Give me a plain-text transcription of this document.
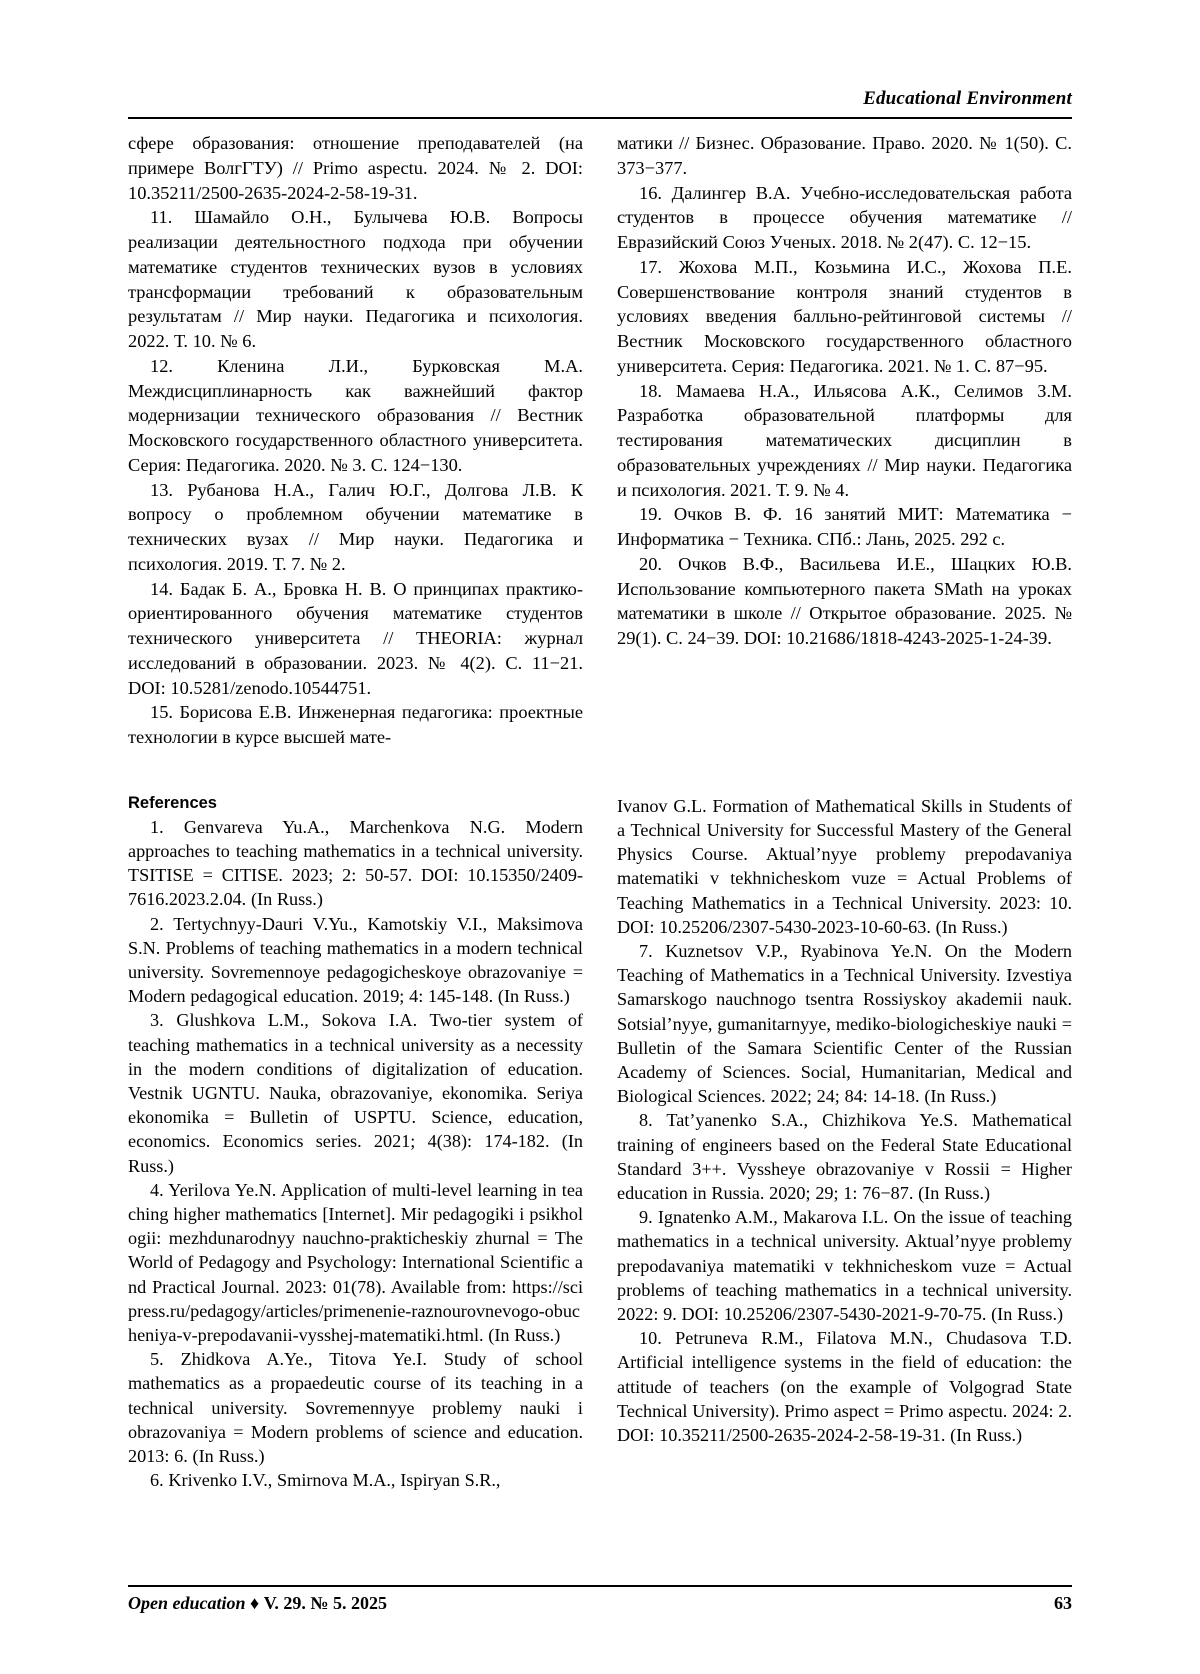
Educational Environment

сфере образования: отношение преподавателей (на примере ВолгГТУ) // Primo aspectu. 2024. № 2. DOI: 10.35211/2500-2635-2024-2-58-19-31.

11. Шамайло О.Н., Булычева Ю.В. Вопросы реализации деятельностного подхода при обучении математике студентов технических вузов в условиях трансформации требований к образовательным результатам // Мир науки. Педагогика и психология. 2022. Т. 10. № 6.

12. Кленина Л.И., Бурковская М.А. Междисциплинарность как важнейший фактор модернизации технического образования // Вестник Московского государственного областного университета. Серия: Педагогика. 2020. № 3. С. 124−130.

13. Рубанова Н.А., Галич Ю.Г., Долгова Л.В. К вопросу о проблемном обучении математике в технических вузах // Мир науки. Педагогика и психология. 2019. Т. 7. № 2.

14. Бадак Б. А., Бровка Н. В. О принципах практико-ориентированного обучения математике студентов технического университета // THEORIA: журнал исследований в образовании. 2023. № 4(2). С. 11−21. DOI: 10.5281/zenodo.10544751.

15. Борисова Е.В. Инженерная педагогика: проектные технологии в курсе высшей мате-

матики // Бизнес. Образование. Право. 2020. № 1(50). С. 373−377.

16. Далингер В.А. Учебно-исследовательская работа студентов в процессе обучения математике // Евразийский Союз Ученых. 2018. № 2(47). С. 12−15.

17. Жохова М.П., Козьмина И.С., Жохова П.Е. Совершенствование контроля знаний студентов в условиях введения балльно-рейтинговой системы // Вестник Московского государственного областного университета. Серия: Педагогика. 2021. № 1. С. 87−95.

18. Мамаева Н.А., Ильясова А.К., Селимов З.М. Разработка образовательной платформы для тестирования математических дисциплин в образовательных учреждениях // Мир науки. Педагогика и психология. 2021. Т. 9. № 4.

19. Очков В. Ф. 16 занятий МИТ: Математика − Информатика − Техника. СПб.: Лань, 2025. 292 с.

20. Очков В.Ф., Васильева И.Е., Шацких Ю.В. Использование компьютерного пакета SMath на уроках математики в школе // Открытое образование. 2025. № 29(1). С. 24−39. DOI: 10.21686/1818-4243-2025-1-24-39.

References

1. Genvareva Yu.A., Marchenkova N.G. Modern approaches to teaching mathematics in a technical university. TSITISE = CITISE. 2023; 2: 50-57. DOI: 10.15350/2409-7616.2023.2.04. (In Russ.)

2. Tertychnyy-Dauri V.Yu., Kamotskiy V.I., Maksimova S.N. Problems of teaching mathematics in a modern technical university. Sovremennoye pedagogicheskoye obrazovaniye = Modern pedagogical education. 2019; 4: 145-148. (In Russ.)

3. Glushkova L.M., Sokova I.A. Two-tier system of teaching mathematics in a technical university as a necessity in the modern conditions of digitalization of education. Vestnik UGNTU. Nauka, obrazovaniye, ekonomika. Seriya ekonomika = Bulletin of USPTU. Science, education, economics. Economics series. 2021; 4(38): 174-182. (In Russ.)

4. Yerilova Ye.N. Application of multi-level learning in teaching higher mathematics [Internet]. Mir pedagogiki i psikhologii: mezhdunarodnyy nauchno-prakticheskiy zhurnal = The World of Pedagogy and Psychology: International Scientific and Practical Journal. 2023: 01(78). Available from: https://scipress.ru/pedagogy/articles/primenenie-raznourovnevogo-obucheniya-v-prepodavanii-vysshej-matematiki.html. (In Russ.)

5. Zhidkova A.Ye., Titova Ye.I. Study of school mathematics as a propaedeutic course of its teaching in a technical university. Sovremennyye problemy nauki i obrazovaniya = Modern problems of science and education. 2013: 6. (In Russ.)

6. Krivenko I.V., Smirnova M.A., Ispiryan S.R.,

Ivanov G.L. Formation of Mathematical Skills in Students of a Technical University for Successful Mastery of the General Physics Course. Aktual’nyye problemy prepodavaniya matematiki v tekhnicheskom vuze = Actual Problems of Teaching Mathematics in a Technical University. 2023: 10. DOI: 10.25206/2307-5430-2023-10-60-63. (In Russ.)

7. Kuznetsov V.P., Ryabinova Ye.N. On the Modern Teaching of Mathematics in a Technical University. Izvestiya Samarskogo nauchnogo tsentra Rossiyskoy akademii nauk. Sotsial’nyye, gumanitarnyye, mediko-biologicheskiye nauki = Bulletin of the Samara Scientific Center of the Russian Academy of Sciences. Social, Humanitarian, Medical and Biological Sciences. 2022; 24; 84: 14-18. (In Russ.)

8. Tat’yanenko S.A., Chizhikova Ye.S. Mathematical training of engineers based on the Federal State Educational Standard 3++. Vyssheye obrazovaniye v Rossii = Higher education in Russia. 2020; 29; 1: 76−87. (In Russ.)

9. Ignatenko A.M., Makarova I.L. On the issue of teaching mathematics in a technical university. Aktual’nyye problemy prepodavaniya matematiki v tekhnicheskom vuze = Actual problems of teaching mathematics in a technical university. 2022: 9. DOI: 10.25206/2307-5430-2021-9-70-75. (In Russ.)

10. Petruneva R.M., Filatova M.N., Chudasova T.D. Artificial intelligence systems in the field of education: the attitude of teachers (on the example of Volgograd State Technical University). Primo aspect = Primo aspectu. 2024: 2. DOI: 10.35211/2500-2635-2024-2-58-19-31. (In Russ.)

Open education ♦ V. 29. № 5. 2025	63
